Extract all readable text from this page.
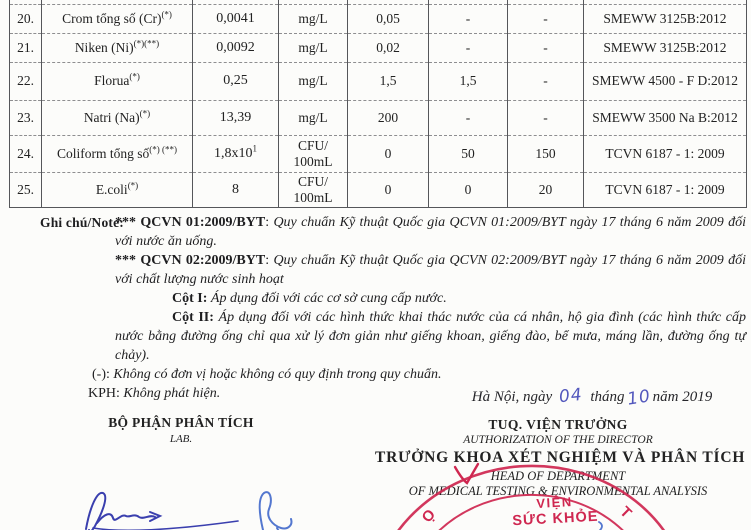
20.	Crom tổng số (Cr)(*)	0,0041	mg/L	0,05	-	-	SMEWW 3125B:2012
21.	Niken (Ni)(*)(**)	0,0092	mg/L	0,02	-	-	SMEWW 3125B:2012
22.	Florua(*)	0,25	mg/L	1,5	1,5	-	SMEWW 4500 - F D:2012
23.	Natri (Na)(*)	13,39	mg/L	200	-	-	SMEWW 3500 Na B:2012
24.	Coliform tổng số(*) (**)	$1,8x10^1$	CFU/ 100mL	0	50	150	TCVN 6187 - 1: 2009
25.	E.coli(*)	8	CFU/ 100mL	0	0	20	TCVN 6187 - 1: 2009
Ghi chú/Note:
*** QCVN 01:2009/BYT: Quy chuẩn Kỹ thuật Quốc gia QCVN 01:2009/BYT ngày 17 tháng 6 năm 2009 đối với nước ăn uống.
*** QCVN 02:2009/BYT: Quy chuẩn Kỹ thuật Quốc gia QCVN 02:2009/BYT ngày 17 tháng 6 năm 2009 đối với chất lượng nước sinh hoạt
Cột I: Áp dụng đối với các cơ sở cung cấp nước.
Cột II: Áp dụng đối với các hình thức khai thác nước của cá nhân, hộ gia đình (các hình thức cấp nước bằng đường ống chỉ qua xử lý đơn giản như giếng khoan, giếng đào, bể mưa, máng lần, đường ống tự chảy).
(-): Không có đơn vị hoặc không có quy định trong quy chuẩn.
KPH: Không phát hiện.	Hà Nội, ngày 04 tháng 10 năm 2019
BỘ PHẬN PHÂN TÍCH
LAB.
TUQ. VIỆN TRƯỞNG
AUTHORIZATION OF THE DIRECTOR
TRƯỞNG KHOA XÉT NGHIỆM VÀ PHÂN TÍCH
HEAD OF DEPARTMENT
OF MEDICAL TESTING & ENVIRONMENTAL ANALYSIS
VIỆN
SỨC KHỎE
Ọ	T
